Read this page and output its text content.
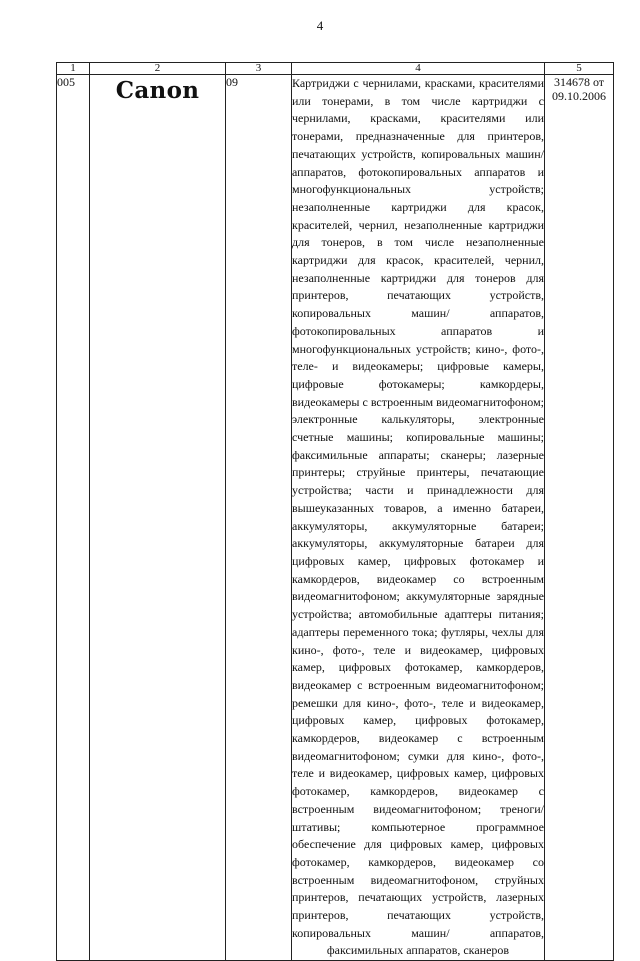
4
1	2	3	4	5
005	Canon	09	Картриджи с чернилами, красками, красителями или тонерами, в том числе картриджи с чернилами, красками, красителями или тонерами, предназначенные для принтеров, печатающих устройств, копировальных машин/аппаратов, фотокопировальных аппаратов и многофункциональных устройств; незаполненные картриджи для красок, красителей, чернил, незаполненные картриджи для тонеров, в том числе незаполненные картриджи для красок, красителей, чернил, незаполненные картриджи для тонеров для принтеров, печатающих устройств, копировальных машин/ аппаратов, фотокопировальных аппаратов и многофункциональных устройств; кино-, фото-, теле- и видеокамеры; цифровые камеры, цифровые фотокамеры; камкордеры, видеокамеры с встроенным видеомагнитофоном; электронные калькуляторы, электронные счетные машины; копировальные машины; факсимильные аппараты; сканеры; лазерные принтеры; струйные принтеры, печатающие устройства; части и принадлежности для вышеуказанных товаров, а именно батареи, аккумуляторы, аккумуляторные батареи; аккумуляторы, аккумуляторные батареи для цифровых камер, цифровых фотокамер и камкордеров, видеокамер со встроенным видеомагнитофоном; аккумуляторные зарядные устройства; автомобильные адаптеры питания; адаптеры переменного тока; футляры, чехлы для кино-, фото-, теле и видеокамер, цифровых камер, цифровых фотокамер, камкордеров, видеокамер с встроенным видеомагнитофоном; ремешки для кино-, фото-, теле и видеокамер, цифровых камер, цифровых фотокамер, камкордеров, видеокамер с встроенным видеомагнитофоном; сумки для кино-, фото-, теле и видеокамер, цифровых камер, цифровых фотокамер, камкордеров, видеокамер с встроенным видеомагнитофоном; треноги/штативы; компьютерное программное обеспечение для цифровых камер, цифровых фотокамер, камкордеров, видеокамер со встроенным видеомагнитофоном, струйных принтеров, печатающих устройств, лазерных принтеров, печатающих устройств, копировальных машин/ аппаратов, факсимильных аппаратов, сканеров	314678 от
09.10.2006
